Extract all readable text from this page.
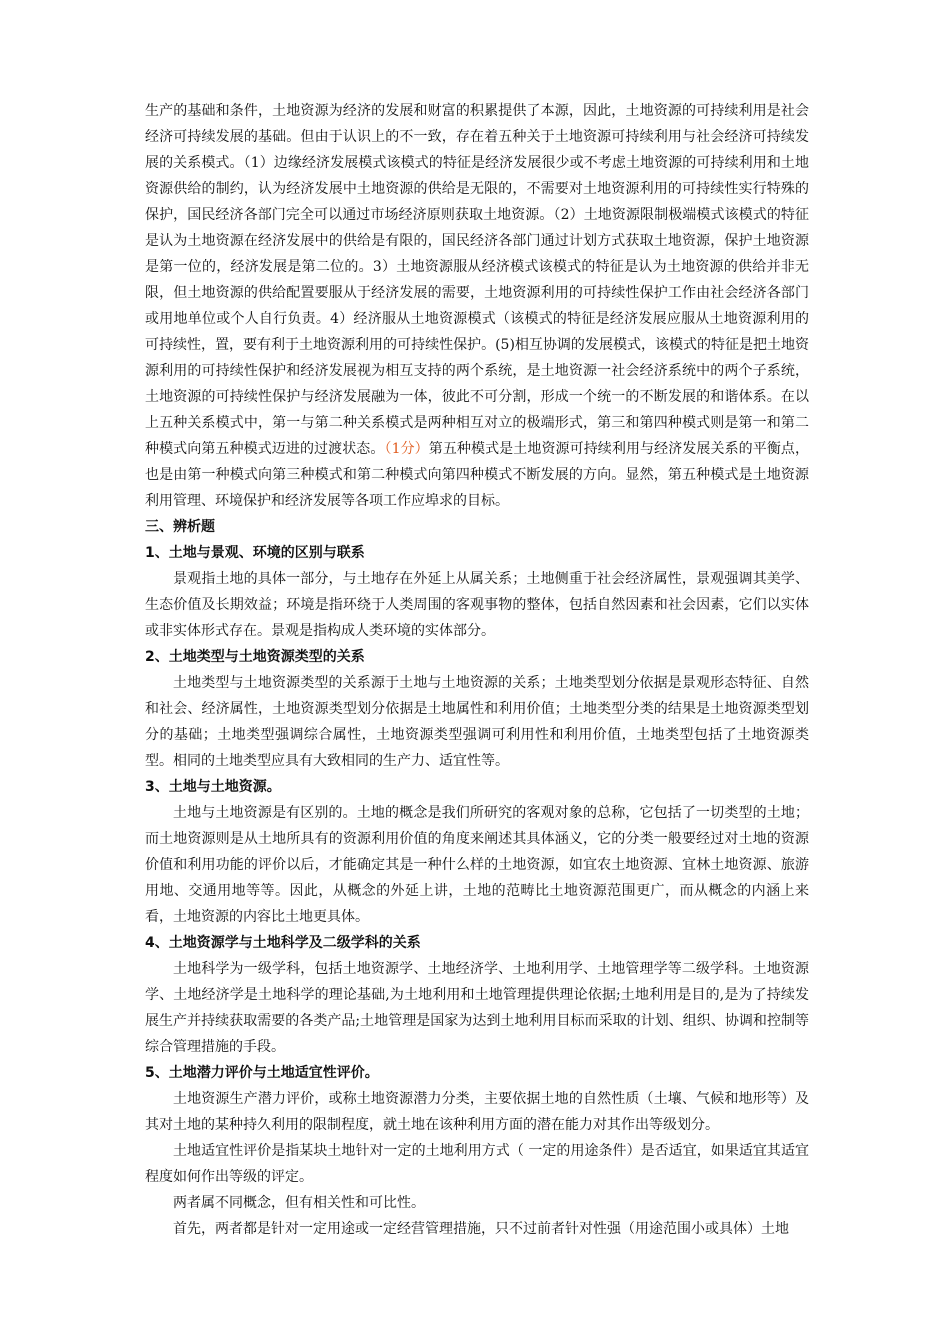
生产的基础和条件，土地资源为经济的发展和财富的积累提供了本源，因此，土地资源的可持续利用是社会经济可持续发展的基础。但由于认识上的不一致，存在着五种关于土地资源可持续利用与社会经济可持续发展的关系模式。（1）边缘经济发展模式该模式的特征是经济发展很少或不考虑土地资源的可持续利用和土地资源供给的制约，认为经济发展中土地资源的供给是无限的，不需要对土地资源利用的可持续性实行特殊的保护，国民经济各部门完全可以通过市场经济原则获取土地资源。（2）土地资源限制极端模式该模式的特征是认为土地资源在经济发展中的供给是有限的，国民经济各部门通过计划方式获取土地资源，保护土地资源是第一位的，经济发展是第二位的。3）土地资源服从经济模式该模式的特征是认为土地资源的供给并非无限，但土地资源的供给配置要服从于经济发展的需要，土地资源利用的可持续性保护工作由社会经济各部门或用地单位或个人自行负责。4）经济服从土地资源模式（该模式的特征是经济发展应服从土地资源利用的可持续性，置，要有利于土地资源利用的可持续性保护。(5)相互协调的发展模式，该模式的特征是把土地资源利用的可持续性保护和经济发展视为相互支持的两个系统，是土地资源一社会经济系统中的两个子系统，土地资源的可持续性保护与经济发展融为一体，彼此不可分割，形成一个统一的不断发展的和谐体系。在以上五种关系模式中，第一与第二种关系模式是两种相互对立的极端形式，第三和第四种模式则是第一和第二种模式向第五种模式迈进的过渡状态。（1分）第五种模式是土地资源可持续利用与经济发展关系的平衡点，也是由第一种模式向第三种模式和第二种模式向第四种模式不断发展的方向。显然，第五种模式是土地资源利用管理、环境保护和经济发展等各项工作应埠求的目标。

三、辨析题
1、土地与景观、环境的区别与联系

景观指土地的具体一部分，与土地存在外延上从属关系；土地侧重于社会经济属性，景观强调其美学、生态价值及长期效益；环境是指环绕于人类周围的客观事物的整体，包括自然因素和社会因素，它们以实体或非实体形式存在。景观是指构成人类环境的实体部分。

2、土地类型与土地资源类型的关系

土地类型与土地资源类型的关系源于土地与土地资源的关系；土地类型划分依据是景观形态特征、自然和社会、经济属性，土地资源类型划分依据是土地属性和利用价值；土地类型分类的结果是土地资源类型划分的基础；土地类型强调综合属性，土地资源类型强调可利用性和利用价值，土地类型包括了土地资源类型。相同的土地类型应具有大致相同的生产力、适宜性等。

3、土地与土地资源。

土地与土地资源是有区别的。土地的概念是我们所研究的客观对象的总称，它包括了一切类型的土地；而土地资源则是从土地所具有的资源利用价值的角度来阐述其具体涵义，它的分类一般要经过对土地的资源价值和利用功能的评价以后，才能确定其是一种什么样的土地资源，如宜农土地资源、宜林土地资源、旅游用地、交通用地等等。因此，从概念的外延上讲，土地的范畴比土地资源范围更广，而从概念的内涵上来看，土地资源的内容比土地更具体。

4、土地资源学与土地科学及二级学科的关系

土地科学为一级学科，包括土地资源学、土地经济学、土地利用学、土地管理学等二级学科。土地资源学、土地经济学是土地科学的理论基础,为土地利用和土地管理提供理论依据;土地利用是目的,是为了持续发展生产并持续获取需要的各类产品;土地管理是国家为达到土地利用目标而采取的计划、组织、协调和控制等综合管理措施的手段。

5、土地潜力评价与土地适宜性评价。

土地资源生产潜力评价，或称土地资源潜力分类，主要依据土地的自然性质（土壤、气候和地形等）及其对土地的某种持久利用的限制程度，就土地在该种利用方面的潜在能力对其作出等级划分。

土地适宜性评价是指某块土地针对一定的土地利用方式（ 一定的用途条件）是否适宜，如果适宜其适宜程度如何作出等级的评定。

两者属不同概念，但有相关性和可比性。

首先，两者都是针对一定用途或一定经营管理措施，只不过前者针对性强（用途范围小或具体）土地
